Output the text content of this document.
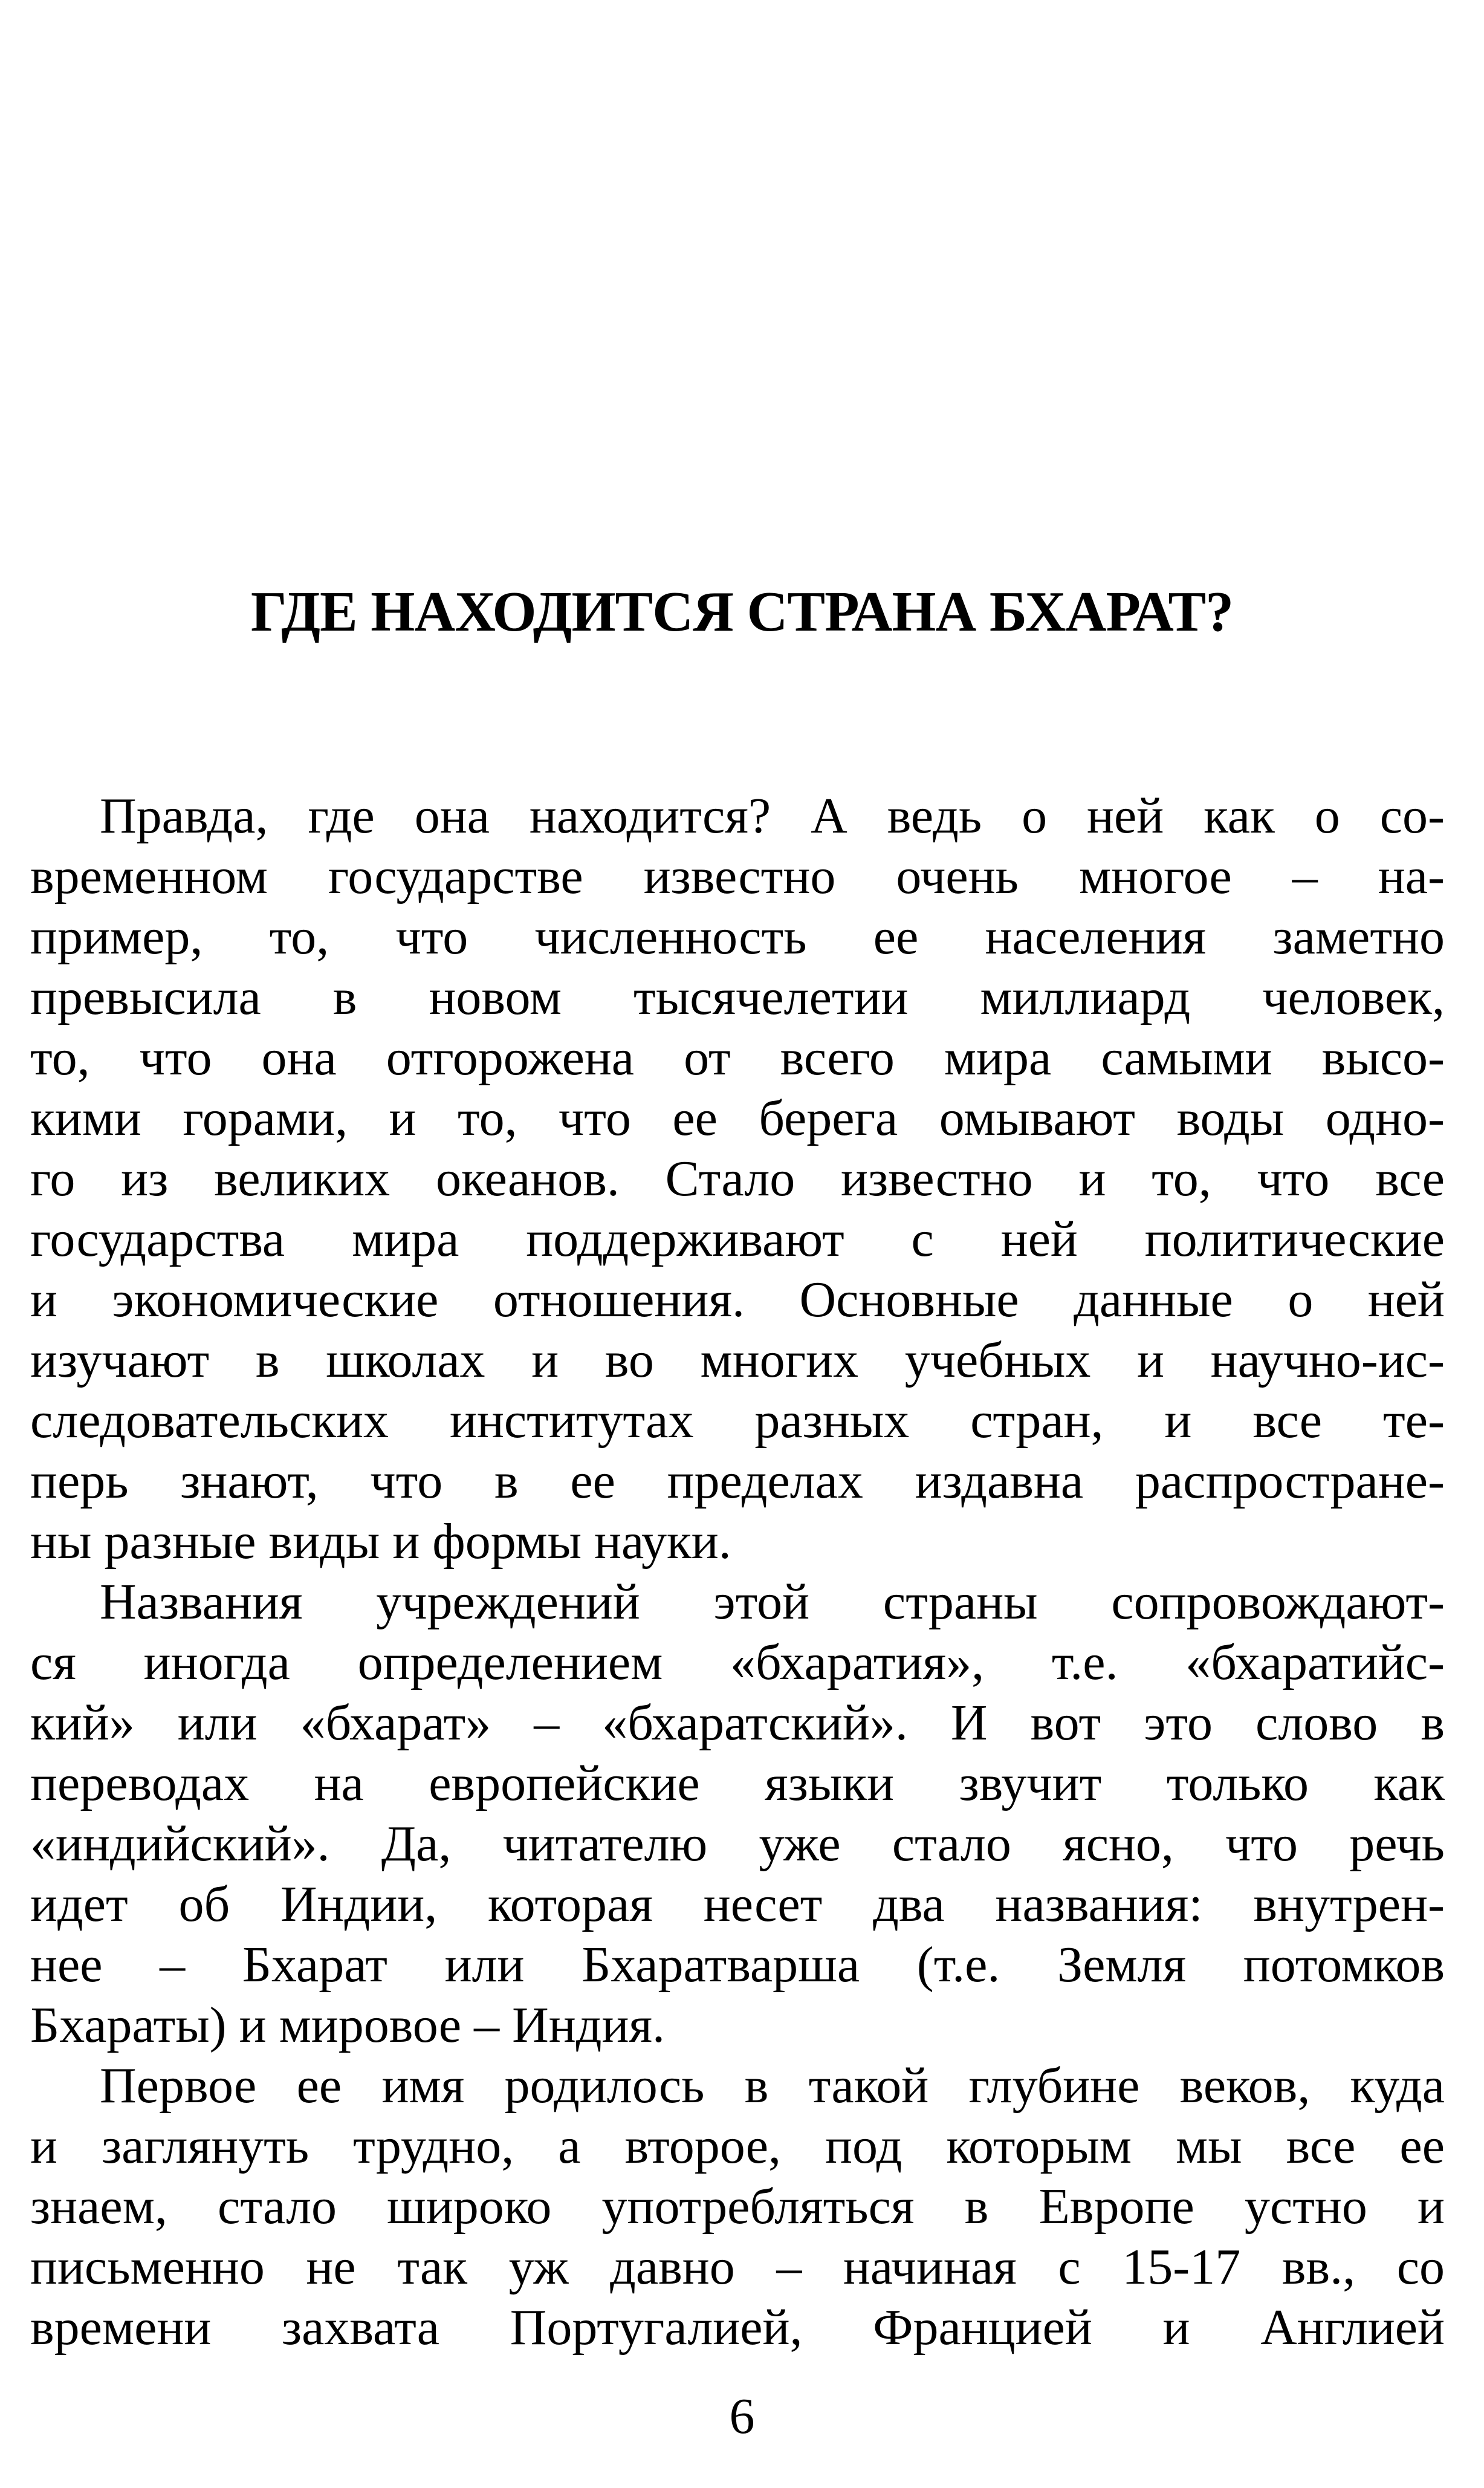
ГДЕ НАХОДИТСЯ СТРАНА БХАРАТ?
Правда, где она находится? А ведь о ней как о со-
временном государстве известно очень многое – на-
пример, то, что численность ее населения заметно
превысила в новом тысячелетии миллиард человек,
то, что она отгорожена от всего мира самыми высо-
кими горами, и то, что ее берега омывают воды одно-
го из великих океанов. Стало известно и то, что все
государства мира поддерживают с ней политические
и экономические отношения. Основные данные о ней
изучают в школах и во многих учебных и научно-ис-
следовательских институтах разных стран, и все те-
перь знают, что в ее пределах издавна распростране-
ны разные виды и формы науки.
Названия учреждений этой страны сопровождают-
ся иногда определением «бхаратия», т.е. «бхаратийс-
кий» или «бхарат» – «бхаратский». И вот это слово в
переводах на европейские языки звучит только как
«индийский». Да, читателю уже стало ясно, что речь
идет об Индии, которая несет два названия: внутрен-
нее – Бхарат или Бхаратварша (т.е. Земля потомков
Бхараты) и мировое – Индия.
Первое ее имя родилось в такой глубине веков, куда
и заглянуть трудно, а второе, под которым мы все ее
знаем, стало широко употребляться в Европе устно и
письменно не так уж давно – начиная с 15-17 вв., со
времени захвата Португалией, Францией и Англией
6
